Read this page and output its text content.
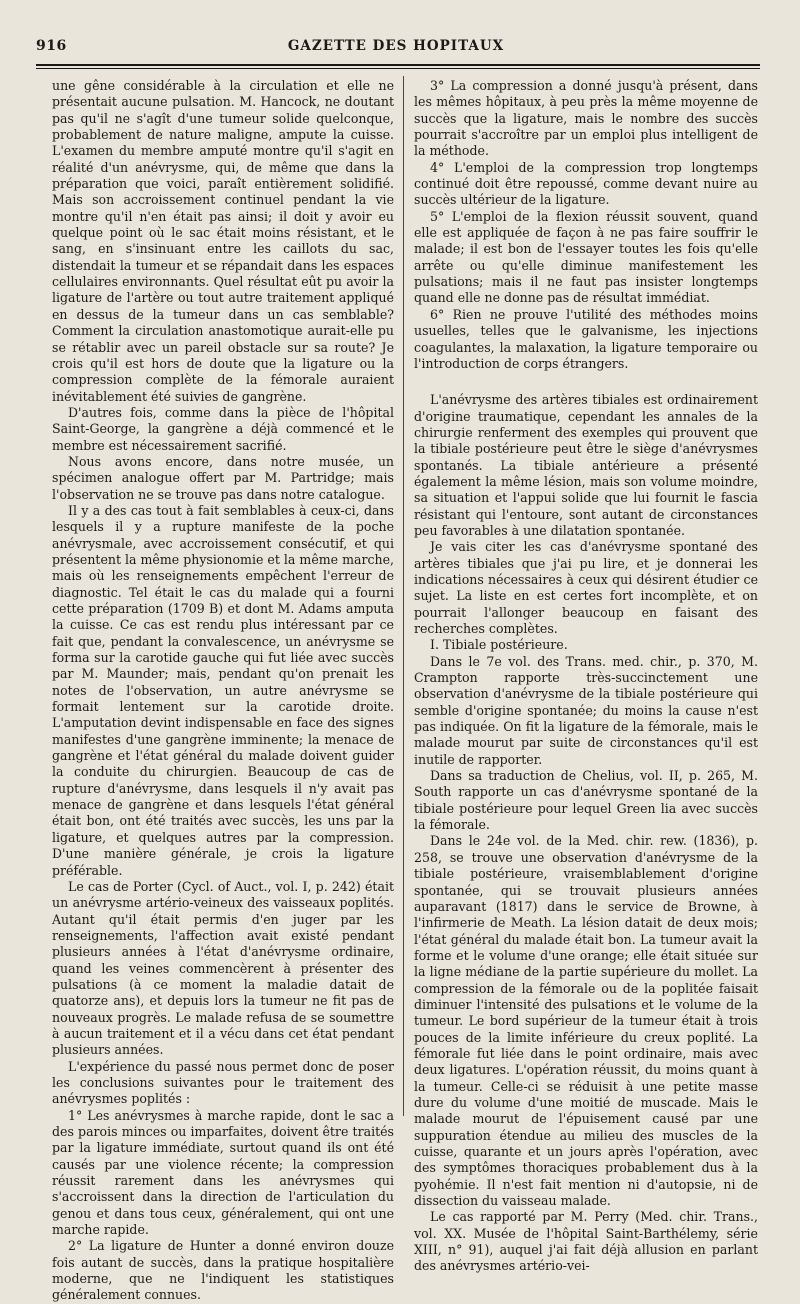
916	GAZETTE DES HOPITAUX

une gêne considérable à la circulation et elle ne présentait aucune pulsation. M. Hancock, ne doutant pas qu'il ne s'agît d'une tumeur solide quelconque, probablement de nature maligne, ampute la cuisse. L'examen du membre amputé montre qu'il s'agit en réalité d'un anévrysme, qui, de même que dans la préparation que voici, paraît entièrement solidifié. Mais son accroissement continuel pendant la vie montre qu'il n'en était pas ainsi; il doit y avoir eu quelque point où le sac était moins résistant, et le sang, en s'insinuant entre les caillots du sac, distendait la tumeur et se répandait dans les espaces cellulaires environnants. Quel résultat eût pu avoir la ligature de l'artère ou tout autre traitement appliqué en dessus de la tumeur dans un cas semblable? Comment la circulation anastomotique aurait-elle pu se rétablir avec un pareil obstacle sur sa route? Je crois qu'il est hors de doute que la ligature ou la compression complète de la fémorale auraient inévitablement été suivies de gangrène.

D'autres fois, comme dans la pièce de l'hôpital Saint-George, la gangrène a déjà commencé et le membre est nécessairement sacrifié.

Nous avons encore, dans notre musée, un spécimen analogue offert par M. Partridge; mais l'observation ne se trouve pas dans notre catalogue.

Il y a des cas tout à fait semblables à ceux-ci, dans lesquels il y a rupture manifeste de la poche anévrysmale, avec accroissement consécutif, et qui présentent la même physionomie et la même marche, mais où les renseignements empêchent l'erreur de diagnostic. Tel était le cas du malade qui a fourni cette préparation (1709 B) et dont M. Adams amputa la cuisse. Ce cas est rendu plus intéressant par ce fait que, pendant la convalescence, un anévrysme se forma sur la carotide gauche qui fut liée avec succès par M. Maunder; mais, pendant qu'on prenait les notes de l'observation, un autre anévrysme se formait lentement sur la carotide droite. L'amputation devint indispensable en face des signes manifestes d'une gangrène imminente; la menace de gangrène et l'état général du malade doivent guider la conduite du chirurgien. Beaucoup de cas de rupture d'anévrysme, dans lesquels il n'y avait pas menace de gangrène et dans lesquels l'état général était bon, ont été traités avec succès, les uns par la ligature, et quelques autres par la compression. D'une manière générale, je crois la ligature préférable.

Le cas de Porter (Cycl. of Auct., vol. I, p. 242) était un anévrysme artério-veineux des vaisseaux poplités. Autant qu'il était permis d'en juger par les renseignements, l'affection avait existé pendant plusieurs années à l'état d'anévrysme ordinaire, quand les veines commencèrent à présenter des pulsations (à ce moment la maladie datait de quatorze ans), et depuis lors la tumeur ne fit pas de nouveaux progrès. Le malade refusa de se soumettre à aucun traitement et il a vécu dans cet état pendant plusieurs années.

L'expérience du passé nous permet donc de poser les conclusions suivantes pour le traitement des anévrysmes poplités :

1° Les anévrysmes à marche rapide, dont le sac a des parois minces ou imparfaites, doivent être traités par la ligature immédiate, surtout quand ils ont été causés par une violence récente; la compression réussit rarement dans les anévrysmes qui s'accroissent dans la direction de l'articulation du genou et dans tous ceux, généralement, qui ont une marche rapide.

2° La ligature de Hunter a donné environ douze fois autant de succès, dans la pratique hospitalière moderne, que ne l'indiquent les statistiques généralement connues.

3° La compression a donné jusqu'à présent, dans les mêmes hôpitaux, à peu près la même moyenne de succès que la ligature, mais le nombre des succès pourrait s'accroître par un emploi plus intelligent de la méthode.

4° L'emploi de la compression trop longtemps continué doit être repoussé, comme devant nuire au succès ultérieur de la ligature.

5° L'emploi de la flexion réussit souvent, quand elle est appliquée de façon à ne pas faire souffrir le malade; il est bon de l'essayer toutes les fois qu'elle arrête ou qu'elle diminue manifestement les pulsations; mais il ne faut pas insister longtemps quand elle ne donne pas de résultat immédiat.

6° Rien ne prouve l'utilité des méthodes moins usuelles, telles que le galvanisme, les injections coagulantes, la malaxation, la ligature temporaire ou l'introduction de corps étrangers.

L'anévrysme des artères tibiales est ordinairement d'origine traumatique, cependant les annales de la chirurgie renferment des exemples qui prouvent que la tibiale postérieure peut être le siège d'anévrysmes spontanés. La tibiale antérieure a présenté également la même lésion, mais son volume moindre, sa situation et l'appui solide que lui fournit le fascia résistant qui l'entoure, sont autant de circonstances peu favorables à une dilatation spontanée.

Je vais citer les cas d'anévrysme spontané des artères tibiales que j'ai pu lire, et je donnerai les indications nécessaires à ceux qui désirent étudier ce sujet. La liste en est certes fort incomplète, et on pourrait l'allonger beaucoup en faisant des recherches complètes.

I. Tibiale postérieure.

Dans le 7e vol. des Trans. med. chir., p. 370, M. Crampton rapporte très-succinctement une observation d'anévrysme de la tibiale postérieure qui semble d'origine spontanée; du moins la cause n'est pas indiquée. On fit la ligature de la fémorale, mais le malade mourut par suite de circonstances qu'il est inutile de rapporter.

Dans sa traduction de Chelius, vol. II, p. 265, M. South rapporte un cas d'anévrysme spontané de la tibiale postérieure pour lequel Green lia avec succès la fémorale.

Dans le 24e vol. de la Med. chir. rew. (1836), p. 258, se trouve une observation d'anévrysme de la tibiale postérieure, vraisemblablement d'origine spontanée, qui se trouvait plusieurs années auparavant (1817) dans le service de Browne, à l'infirmerie de Meath. La lésion datait de deux mois; l'état général du malade était bon. La tumeur avait la forme et le volume d'une orange; elle était située sur la ligne médiane de la partie supérieure du mollet. La compression de la fémorale ou de la poplitée faisait diminuer l'intensité des pulsations et le volume de la tumeur. Le bord supérieur de la tumeur était à trois pouces de la limite inférieure du creux poplité. La fémorale fut liée dans le point ordinaire, mais avec deux ligatures. L'opération réussit, du moins quant à la tumeur. Celle-ci se réduisit à une petite masse dure du volume d'une moitié de muscade. Mais le malade mourut de l'épuisement causé par une suppuration étendue au milieu des muscles de la cuisse, quarante et un jours après l'opération, avec des symptômes thoraciques probablement dus à la pyohémie. Il n'est fait mention ni d'autopsie, ni de dissection du vaisseau malade.

Le cas rapporté par M. Perry (Med. chir. Trans., vol. XX. Musée de l'hôpital Saint-Barthélemy, série XIII, n° 91), auquel j'ai fait déjà allusion en parlant des anévrysmes artério-vei-
